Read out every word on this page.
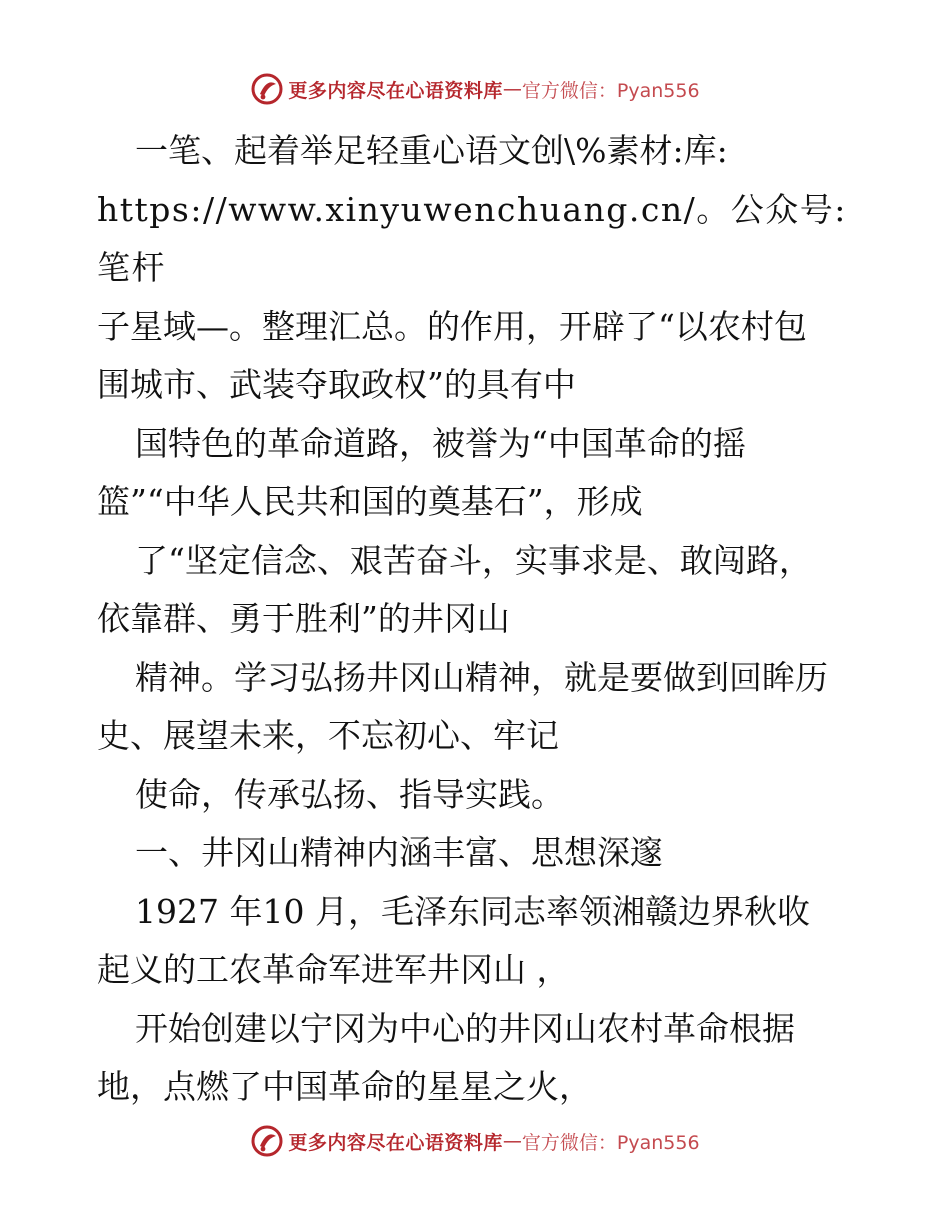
更多内容尽在心语资料库 — 官方微信：Pyan556

一笔、起着举足轻重心语文创\%素材:库:

https://www.xinyuwenchuang.cn/。公众号: 笔杆

子星域—。整理汇总。的作用，开辟了“以农村包

围城市、武装夺取政权”的具有中

国特色的革命道路，被誉为“中国革命的摇

篮”“中华人民共和国的奠基石”，形成

了“坚定信念、艰苦奋斗，实事求是、敢闯路，

依靠群、勇于胜利”的井冈山

精神。学习弘扬井冈山精神，就是要做到回眸历

史、展望未来，不忘初心、牢记

使命，传承弘扬、指导实践。

一、井冈山精神内涵丰富、思想深邃

1927 年10 月，毛泽东同志率领湘赣边界秋收

起义的工农革命军进军井冈山 ，

开始创建以宁冈为中心的井冈山农村革命根据

地，点燃了中国革命的星星之火，

更多内容尽在心语资料库 — 官方微信：Pyan556
